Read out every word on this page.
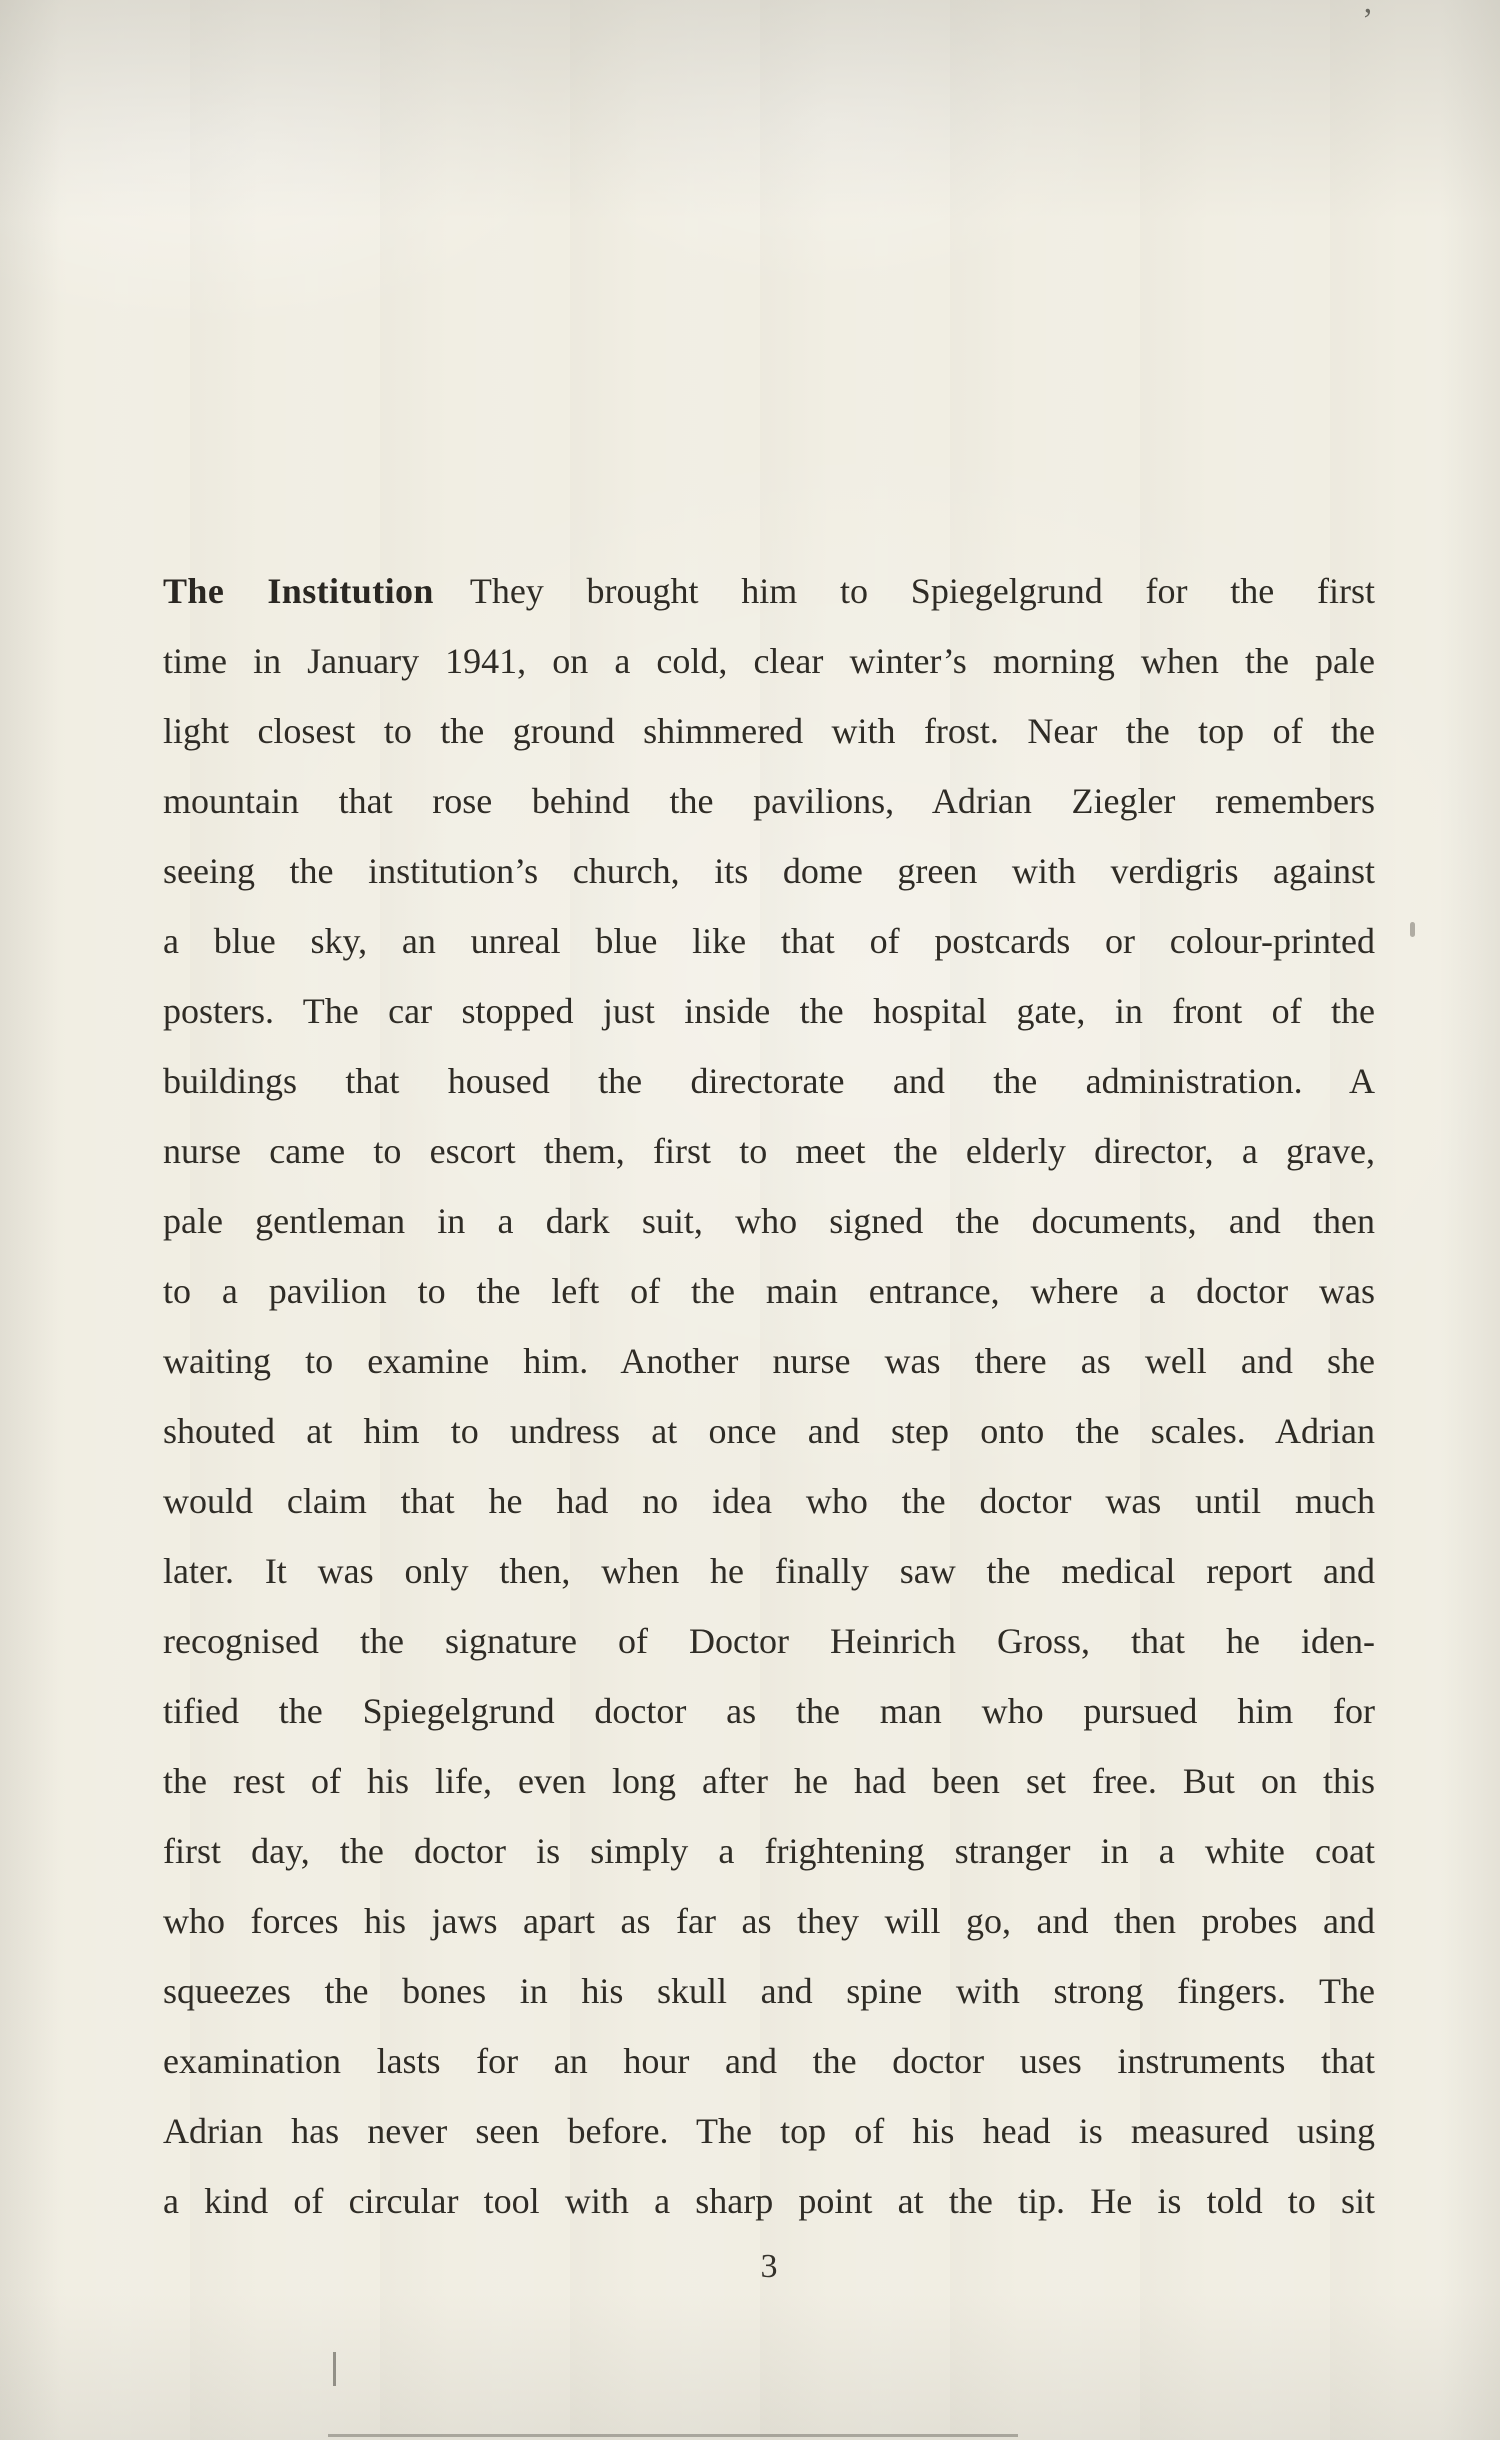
The Institution They brought him to Spiegelgrund for the first
time in January 1941, on a cold, clear winter’s morning when the pale
light closest to the ground shimmered with frost. Near the top of the
mountain that rose behind the pavilions, Adrian Ziegler remembers
seeing the institution’s church, its dome green with verdigris against
a blue sky, an unreal blue like that of postcards or colour-printed
posters. The car stopped just inside the hospital gate, in front of the
buildings that housed the directorate and the administration. A
nurse came to escort them, first to meet the elderly director, a grave,
pale gentleman in a dark suit, who signed the documents, and then
to a pavilion to the left of the main entrance, where a doctor was
waiting to examine him. Another nurse was there as well and she
shouted at him to undress at once and step onto the scales. Adrian
would claim that he had no idea who the doctor was until much
later. It was only then, when he finally saw the medical report and
recognised the signature of Doctor Heinrich Gross, that he iden-
tified the Spiegelgrund doctor as the man who pursued him for
the rest of his life, even long after he had been set free. But on this
first day, the doctor is simply a frightening stranger in a white coat
who forces his jaws apart as far as they will go, and then probes and
squeezes the bones in his skull and spine with strong fingers. The
examination lasts for an hour and the doctor uses instruments that
Adrian has never seen before. The top of his head is measured using
a kind of circular tool with a sharp point at the tip. He is told to sit
3
’
